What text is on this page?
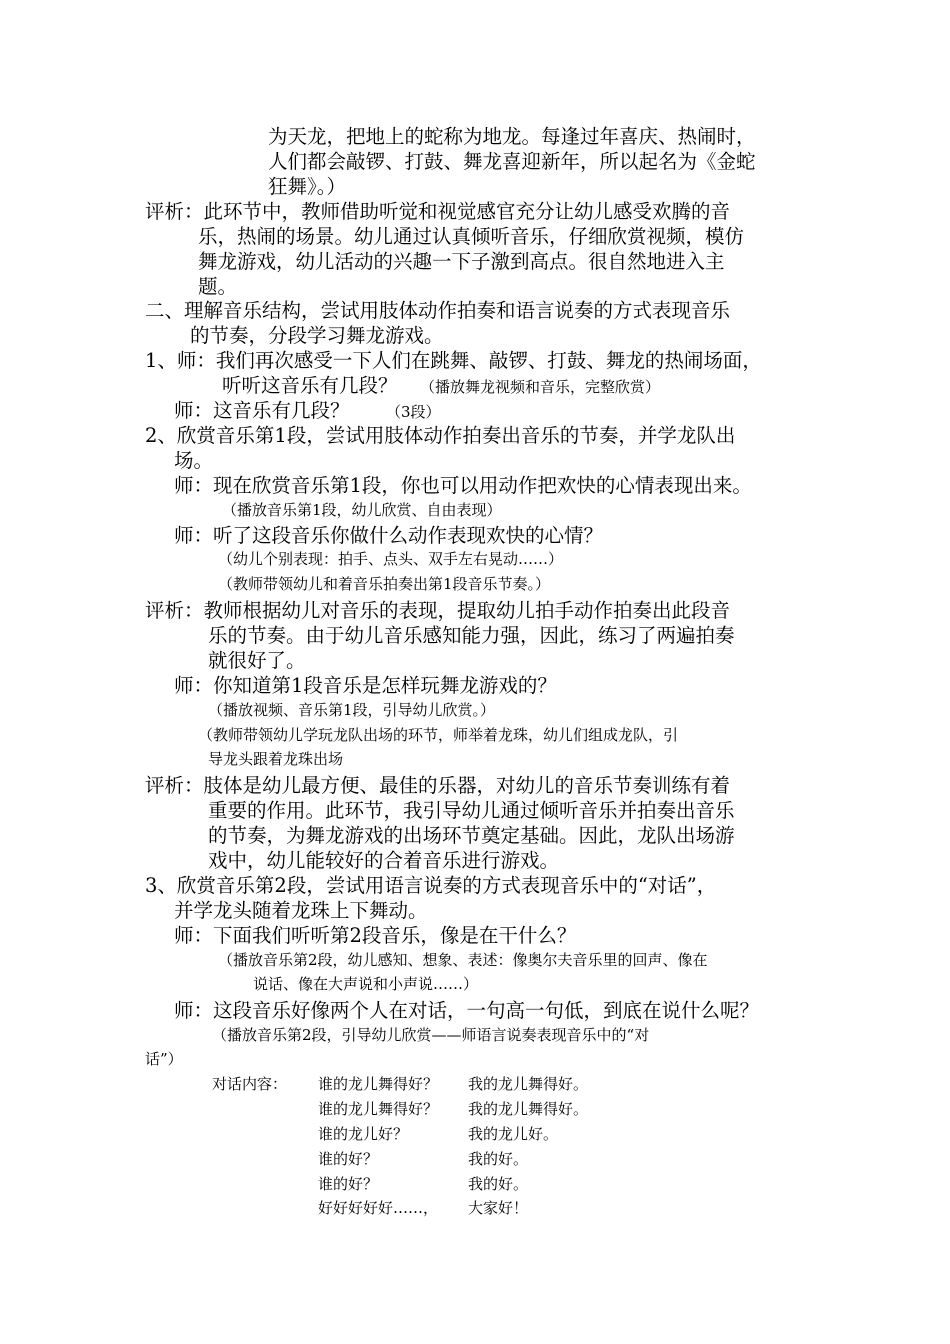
为天龙，把地上的蛇称为地龙。每逢过年喜庆、热闹时，
人们都会敲锣、打鼓、舞龙喜迎新年，所以起名为《金蛇
狂舞》。）
评析：此环节中，教师借助听觉和视觉感官充分让幼儿感受欢腾的音
乐，热闹的场景。幼儿通过认真倾听音乐，仔细欣赏视频，模仿
舞龙游戏，幼儿活动的兴趣一下子激到高点。很自然地进入主
题。
二、理解音乐结构，尝试用肢体动作拍奏和语言说奏的方式表现音乐
的节奏，分段学习舞龙游戏。
1、师：我们再次感受一下人们在跳舞、敲锣、打鼓、舞龙的热闹场面，
听听这音乐有几段？ （播放舞龙视频和音乐，完整欣赏）
师：这音乐有几段？ （3段）
2、欣赏音乐第1段，尝试用肢体动作拍奏出音乐的节奏，并学龙队出
场。
师：现在欣赏音乐第1段，你也可以用动作把欢快的心情表现出来。
（播放音乐第1段，幼儿欣赏、自由表现）
师：听了这段音乐你做什么动作表现欢快的心情？
（幼儿个别表现：拍手、点头、双手左右晃动……）
（教师带领幼儿和着音乐拍奏出第1段音乐节奏。）
评析：教师根据幼儿对音乐的表现，提取幼儿拍手动作拍奏出此段音
乐的节奏。由于幼儿音乐感知能力强，因此，练习了两遍拍奏
就很好了。
师：你知道第1段音乐是怎样玩舞龙游戏的？
（播放视频、音乐第1段，引导幼儿欣赏。）
（教师带领幼儿学玩龙队出场的环节，师举着龙珠，幼儿们组成龙队，引
导龙头跟着龙珠出场
评析：肢体是幼儿最方便、最佳的乐器，对幼儿的音乐节奏训练有着
重要的作用。此环节，我引导幼儿通过倾听音乐并拍奏出音乐
的节奏，为舞龙游戏的出场环节奠定基础。因此，龙队出场游
戏中，幼儿能较好的合着音乐进行游戏。
3、欣赏音乐第2段，尝试用语言说奏的方式表现音乐中的“对话”，
并学龙头随着龙珠上下舞动。
师：下面我们听听第2段音乐，像是在干什么？
（播放音乐第2段，幼儿感知、想象、表述：像奥尔夫音乐里的回声、像在
说话、像在大声说和小声说……）
师：这段音乐好像两个人在对话，一句高一句低，到底在说什么呢？
（播放音乐第2段，引导幼儿欣赏——师语言说奏表现音乐中的“对
话”）
对话内容： 谁的龙儿舞得好？ 我的龙儿舞得好。
谁的龙儿舞得好？ 我的龙儿舞得好。
谁的龙儿好？	我的龙儿好。
谁的好？	我的好。
谁的好？	我的好。
好好好好好……， 大家好！
